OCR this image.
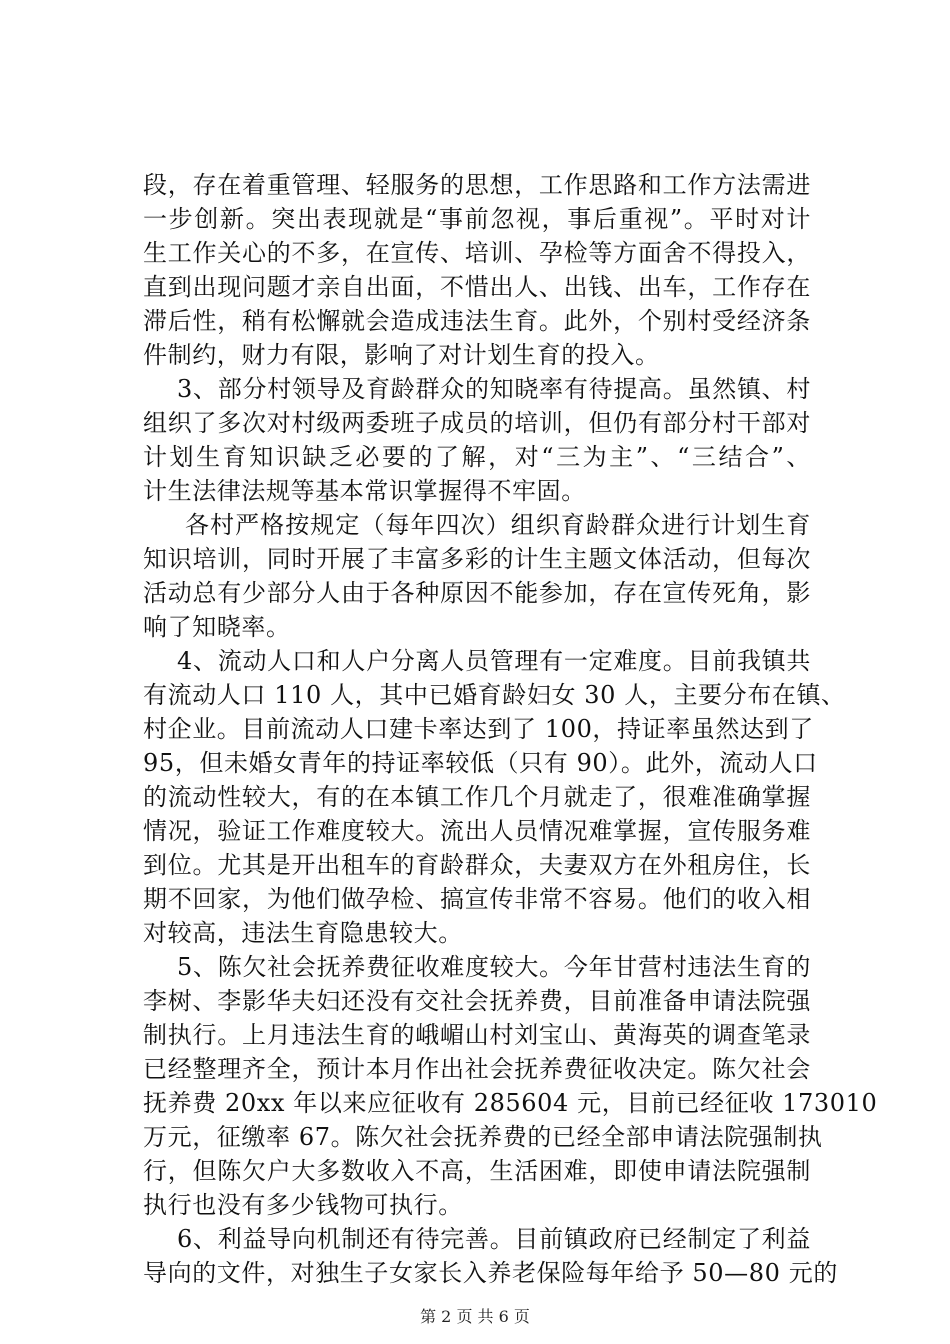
段，存在着重管理、轻服务的思想，工作思路和工作方法需进
一步创新。突出表现就是“事前忽视，事后重视”。平时对计
生工作关心的不多，在宣传、培训、孕检等方面舍不得投入，
直到出现问题才亲自出面，不惜出人、出钱、出车，工作存在
滞后性，稍有松懈就会造成违法生育。此外，个别村受经济条
件制约，财力有限，影响了对计划生育的投入。
3、部分村领导及育龄群众的知晓率有待提高。虽然镇、村
组织了多次对村级两委班子成员的培训，但仍有部分村干部对
计划生育知识缺乏必要的了解，对“三为主”、“三结合”、
计生法律法规等基本常识掌握得不牢固。
各村严格按规定（每年四次）组织育龄群众进行计划生育
知识培训，同时开展了丰富多彩的计生主题文体活动，但每次
活动总有少部分人由于各种原因不能参加，存在宣传死角，影
响了知晓率。
4、流动人口和人户分离人员管理有一定难度。目前我镇共
有流动人口 110 人，其中已婚育龄妇女 30 人，主要分布在镇、
村企业。目前流动人口建卡率达到了 100，持证率虽然达到了
95，但未婚女青年的持证率较低（只有 90）。此外，流动人口
的流动性较大，有的在本镇工作几个月就走了，很难准确掌握
情况，验证工作难度较大。流出人员情况难掌握，宣传服务难
到位。尤其是开出租车的育龄群众，夫妻双方在外租房住，长
期不回家，为他们做孕检、搞宣传非常不容易。他们的收入相
对较高，违法生育隐患较大。
5、陈欠社会抚养费征收难度较大。今年甘营村违法生育的
李树、李影华夫妇还没有交社会抚养费，目前准备申请法院强
制执行。上月违法生育的峨嵋山村刘宝山、黄海英的调查笔录
已经整理齐全，预计本月作出社会抚养费征收决定。陈欠社会
抚养费 20xx 年以来应征收有 285604 元，目前已经征收 173010
万元，征缴率 67。陈欠社会抚养费的已经全部申请法院强制执
行，但陈欠户大多数收入不高，生活困难，即使申请法院强制
执行也没有多少钱物可执行。
6、利益导向机制还有待完善。目前镇政府已经制定了利益
导向的文件，对独生子女家长入养老保险每年给予 50—80 元的
第 2 页 共 6 页
